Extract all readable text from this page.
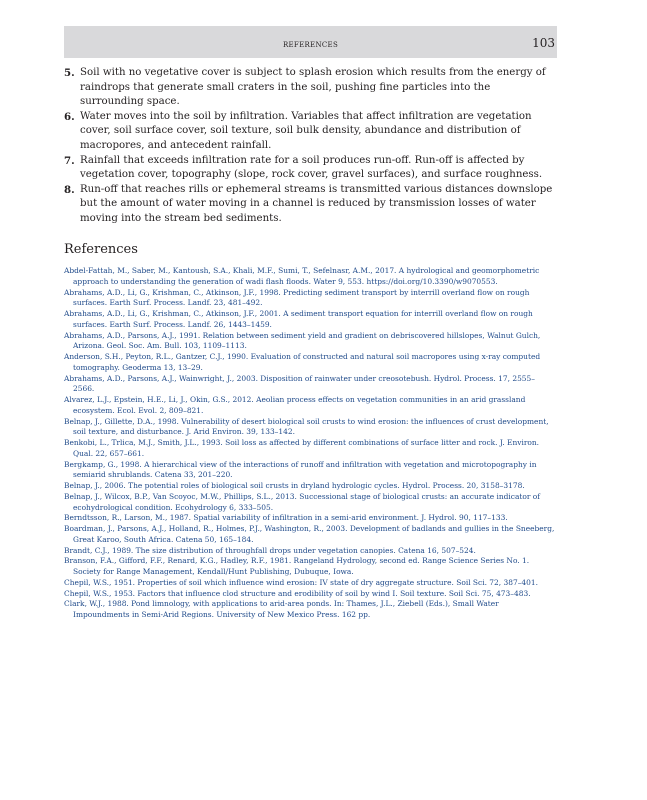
REFERENCES	103
5. Soil with no vegetative cover is subject to splash erosion which results from the energy of raindrops that generate small craters in the soil, pushing fine particles into the surrounding space.
6. Water moves into the soil by infiltration. Variables that affect infiltration are vegetation cover, soil surface cover, soil texture, soil bulk density, abundance and distribution of macropores, and antecedent rainfall.
7. Rainfall that exceeds infiltration rate for a soil produces run-off. Run-off is affected by vegetation cover, topography (slope, rock cover, gravel surfaces), and surface roughness.
8. Run-off that reaches rills or ephemeral streams is transmitted various distances downslope but the amount of water moving in a channel is reduced by transmission losses of water moving into the stream bed sediments.
References

Abdel-Fattah, M., Saber, M., Kantoush, S.A., Khali, M.F., Sumi, T., Sefelnasr, A.M., 2017. A hydrological and geomorphometric approach to understanding the generation of wadi flash floods. Water 9, 553. https://doi.org/10.3390/w9070553.

Abrahams, A.D., Li, G., Krishman, C., Atkinson, J.F., 1998. Predicting sediment transport by interrill overland flow on rough surfaces. Earth Surf. Process. Landf. 23, 481–492.

Abrahams, A.D., Li, G., Krishman, C., Atkinson, J.F., 2001. A sediment transport equation for interrill overland flow on rough surfaces. Earth Surf. Process. Landf. 26, 1443–1459.

Abrahams, A.D., Parsons, A.J., 1991. Relation between sediment yield and gradient on debriscovered hillslopes, Walnut Gulch, Arizona. Geol. Soc. Am. Bull. 103, 1109–1113.

Anderson, S.H., Peyton, R.L., Gantzer, C.J., 1990. Evaluation of constructed and natural soil macropores using x-ray computed tomography. Geoderma 13, 13–29.

Abrahams, A.D., Parsons, A.J., Wainwright, J., 2003. Disposition of rainwater under creosotebush. Hydrol. Process. 17, 2555–2566.

Alvarez, L.J., Epstein, H.E., Li, J., Okin, G.S., 2012. Aeolian process effects on vegetation communities in an arid grassland ecosystem. Ecol. Evol. 2, 809–821.

Belnap, J., Gillette, D.A., 1998. Vulnerability of desert biological soil crusts to wind erosion: the influences of crust development, soil texture, and disturbance. J. Arid Environ. 39, 133–142.

Benkobi, L., Trlica, M.J., Smith, J.L., 1993. Soil loss as affected by different combinations of surface litter and rock. J. Environ. Qual. 22, 657–661.

Bergkamp, G., 1998. A hierarchical view of the interactions of runoff and infiltration with vegetation and microtopography in semiarid shrublands. Catena 33, 201–220.

Belnap, J., 2006. The potential roles of biological soil crusts in dryland hydrologic cycles. Hydrol. Process. 20, 3158–3178.

Belnap, J., Wilcox, B.P., Van Scoyoc, M.W., Phillips, S.L., 2013. Successional stage of biological crusts: an accurate indicator of ecohydrological condition. Ecohydrology 6, 333–505.

Berndtsson, R., Larson, M., 1987. Spatial variability of infiltration in a semi-arid environment. J. Hydrol. 90, 117–133.

Boardman, J., Parsons, A.J., Holland, R., Holmes, P.J., Washington, R., 2003. Development of badlands and gullies in the Sneeberg, Great Karoo, South Africa. Catena 50, 165–184.

Brandt, C.J., 1989. The size distribution of throughfall drops under vegetation canopies. Catena 16, 507–524.

Branson, F.A., Gifford, F.F., Renard, K.G., Hadley, R.F., 1981. Rangeland Hydrology, second ed. Range Science Series No. 1. Society for Range Management, Kendall/Hunt Publishing, Dubuque, Iowa.

Chepil, W.S., 1951. Properties of soil which influence wind erosion: IV state of dry aggregate structure. Soil Sci. 72, 387–401.

Chepil, W.S., 1953. Factors that influence clod structure and erodibility of soil by wind I. Soil texture. Soil Sci. 75, 473–483.

Clark, W.J., 1988. Pond limnology, with applications to arid-area ponds. In: Thames, J.L., Ziebell (Eds.), Small Water Impoundments in Semi-Arid Regions. University of New Mexico Press. 162 pp.
